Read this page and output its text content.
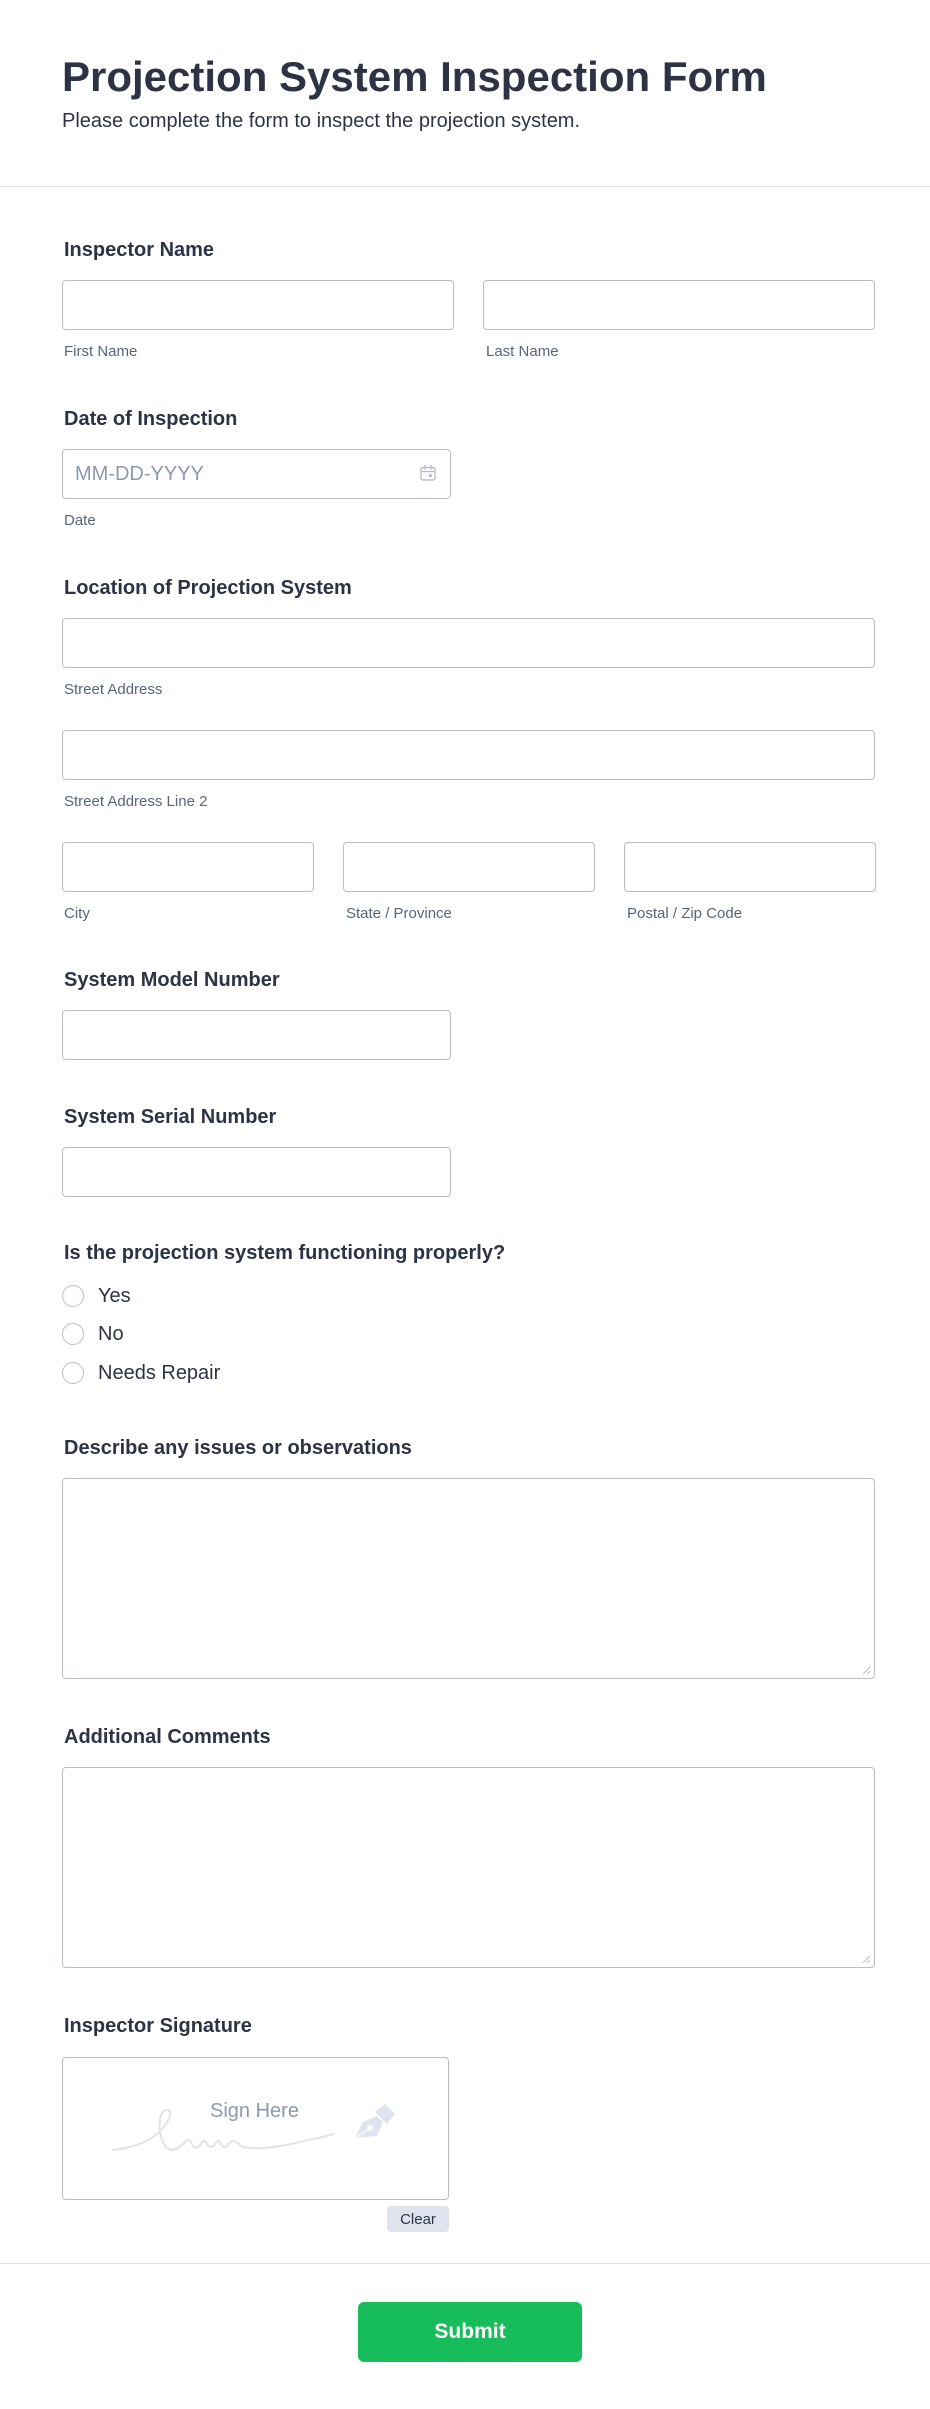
Projection System Inspection Form

Please complete the form to inspect the projection system.

Inspector Name
First Name	Last Name
Date of Inspection
MM-DD-YYYY
Date
Location of Projection System
Street Address
Street Address Line 2
City	State / Province	Postal / Zip Code
System Model Number
System Serial Number
Is the projection system functioning properly?
Yes
No
Needs Repair
Describe any issues or observations
Additional Comments
Inspector Signature
Sign Here
Clear
Submit
